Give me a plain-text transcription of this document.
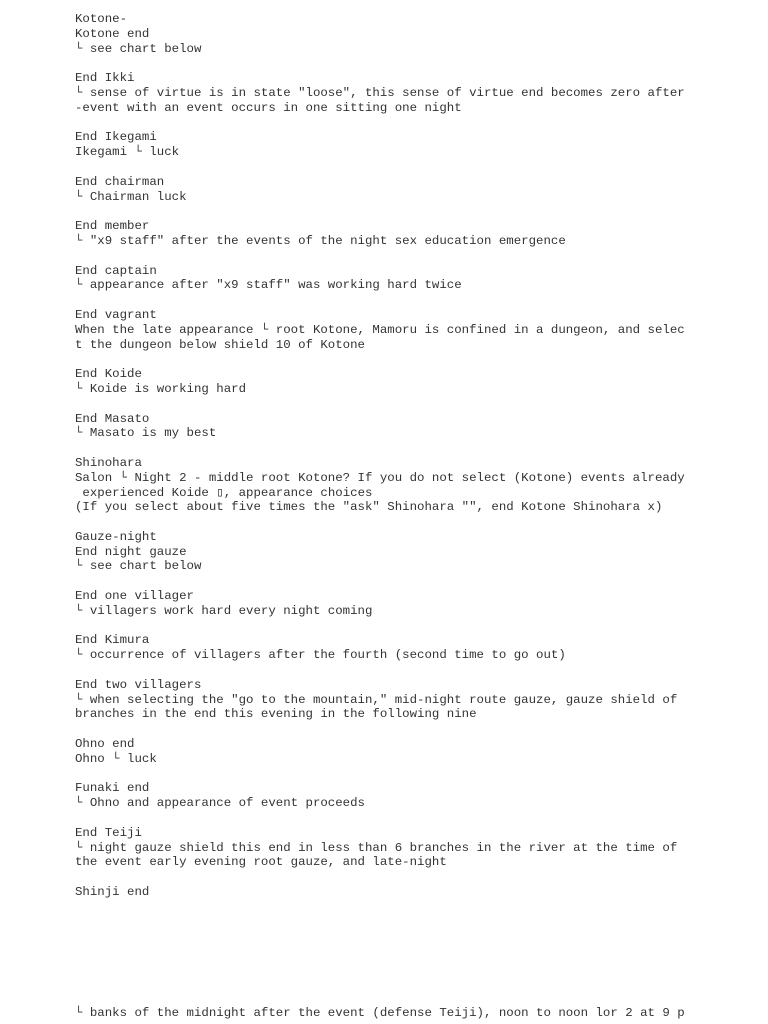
Kotone-
Kotone end
└ see chart below
End Ikki
└ sense of virtue is in state "loose", this sense of virtue end becomes zero after
-event with an event occurs in one sitting one night
End Ikegami
Ikegami └ luck
End chairman
└ Chairman luck
End member
└ "x9 staff" after the events of the night sex education emergence
End captain
└ appearance after "x9 staff" was working hard twice
End vagrant
When the late appearance └ root Kotone, Mamoru is confined in a dungeon, and selec
t the dungeon below shield 10 of Kotone
End Koide
└ Koide is working hard
End Masato
└ Masato is my best
Shinohara
Salon └ Night 2 - middle root Kotone? If you do not select (Kotone) events already
experienced Koide ▯, appearance choices
(If you select about five times the "ask" Shinohara "", end Kotone Shinohara x)
Gauze-night
End night gauze
└ see chart below
End one villager
└ villagers work hard every night coming
End Kimura
└ occurrence of villagers after the fourth (second time to go out)
End two villagers
└ when selecting the "go to the mountain," mid-night route gauze, gauze shield of
branches in the end this evening in the following nine
Ohno end
Ohno └ luck
Funaki end
└ Ohno and appearance of event proceeds
End Teiji
└ night gauze shield this end in less than 6 branches in the river at the time of
the event early evening root gauze, and late-night
Shinji end
└ banks of the midnight after the event (defense Teiji), noon to noon lor 2 at 9 p
